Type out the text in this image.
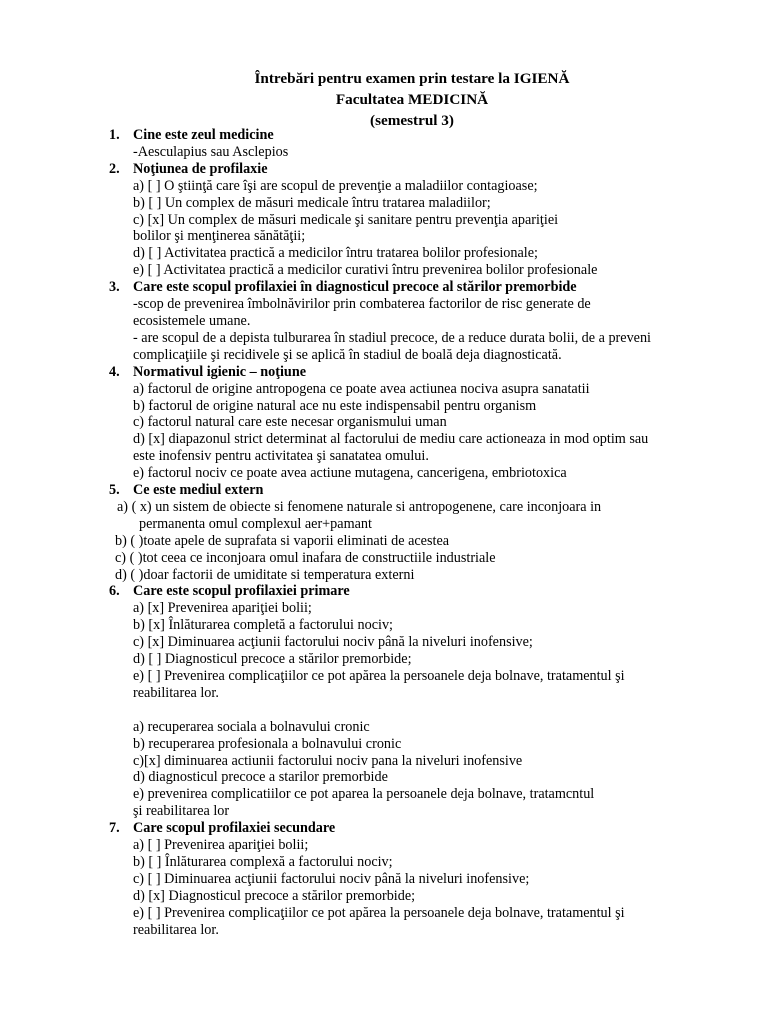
Întrebări pentru examen prin testare la IGIENĂ
Facultatea MEDICINĂ
(semestrul 3)
1. Cine este zeul medicine
-Aesculapius sau Asclepios
2. Noţiunea de profilaxie
a) [ ] O ştiinţă care îşi are scopul de prevenţie a maladiilor contagioase;
b) [ ] Un complex de măsuri medicale întru tratarea maladiilor;
c) [x] Un complex de măsuri medicale şi sanitare pentru prevenţia apariţiei
bolilor şi menţinerea sănătăţii;
d) [ ] Activitatea practică a medicilor întru tratarea bolilor profesionale;
e) [ ] Activitatea practică a medicilor curativi întru prevenirea bolilor profesionale
3. Care este scopul profilaxiei în diagnosticul precoce al stărilor premorbide
-scop de prevenirea îmbolnăvirilor prin combaterea factorilor de risc generate de
ecosistemele umane.
- are scopul de a depista tulburarea în stadiul precoce, de a reduce durata bolii, de a preveni
complicaţiile şi recidivele şi se aplică în stadiul de boală deja diagnosticată.
4. Normativul igienic – noţiune
a) factorul de origine antropogena ce poate avea actiunea nociva asupra sanatatii
b) factorul de origine natural ace nu este indispensabil pentru organism
c) factorul natural care este necesar organismului uman
d) [x] diapazonul strict determinat al factorului de mediu care actioneaza in mod optim sau
este inofensiv pentru activitatea şi sanatatea omului.
e) factorul nociv ce poate avea actiune mutagena, cancerigena, embriotoxica
5. Ce este mediul extern
a) ( x) un sistem de obiecte si fenomene naturale si antropogenene, care inconjoara in
permanenta omul complexul aer+pamant
b) ( )toate apele de suprafata si vaporii eliminati de acestea
c) ( )tot ceea ce inconjoara omul inafara de constructiile industriale
d) ( )doar factorii de umiditate si temperatura externi
6. Care este scopul profilaxiei primare
a) [x] Prevenirea apariţiei bolii;
b) [x] Înlăturarea completă a factorului nociv;
c) [x] Diminuarea acţiunii factorului nociv până la niveluri inofensive;
d) [ ] Diagnosticul precoce a stărilor premorbide;
e) [ ] Prevenirea complicaţiilor ce pot apărea la persoanele deja bolnave, tratamentul şi
reabilitarea lor.
a) recuperarea sociala a bolnavului cronic
b) recuperarea profesionala a bolnavului cronic
c)[x] diminuarea actiunii factorului nociv pana la niveluri inofensive
d) diagnosticul precoce a starilor premorbide
e) prevenirea complicatiilor ce pot aparea la persoanele deja bolnave, tratamcntul
şi reabilitarea lor
7. Care scopul profilaxiei secundare
a) [ ] Prevenirea apariţiei bolii;
b) [ ] Înlăturarea complexă a factorului nociv;
c) [ ] Diminuarea acţiunii factorului nociv până la niveluri inofensive;
d) [x] Diagnosticul precoce a stărilor premorbide;
e) [ ] Prevenirea complicaţiilor ce pot apărea la persoanele deja bolnave, tratamentul şi
reabilitarea lor.
